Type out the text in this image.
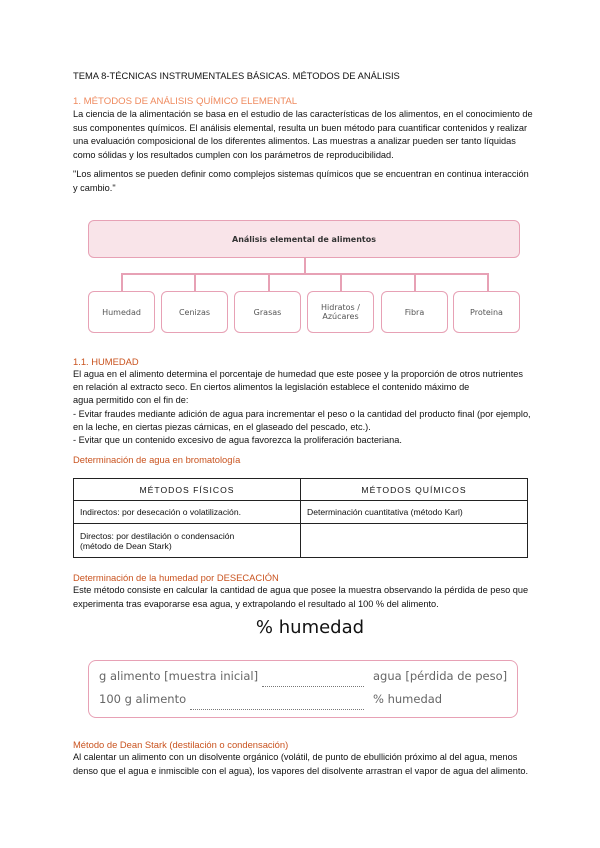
TEMA 8-TÉCNICAS INSTRUMENTALES BÁSICAS. MÉTODOS DE ANÁLISIS
1. MÉTODOS DE ANÁLISIS QUÍMICO ELEMENTAL
La ciencia de la alimentación se basa en el estudio de las características de los alimentos, en el conocimiento de sus componentes químicos. El análisis elemental, resulta un buen método para cuantificar contenidos y realizar una evaluación composicional de los diferentes alimentos. Las muestras a analizar pueden ser tanto líquidas como sólidas y los resultados cumplen con los parámetros de reproducibilidad.
"Los alimentos se pueden definir como complejos sistemas químicos que se encuentran en continua interacción y cambio."
Análisis elemental de alimentos
Humedad	Cenizas	Grasas	Hidratos / Azúcares	Fibra	Proteina
1.1. HUMEDAD
El agua en el alimento determina el porcentaje de humedad que este posee y la proporción de otros nutrientes
en relación al extracto seco. En ciertos alimentos la legislación establece el contenido máximo de
agua permitido con el fin de:
- Evitar fraudes mediante adición de agua para incrementar el peso o la cantidad del producto final (por ejemplo,
en la leche, en ciertas piezas cárnicas, en el glaseado del pescado, etc.).
- Evitar que un contenido excesivo de agua favorezca la proliferación bacteriana.
Determinación de agua en bromatología
MÉTODOS FÍSICOS	MÉTODOS QUÍMICOS
Indirectos: por desecación o volatilización.	Determinación cuantitativa (método Karl)
Directos: por destilación o condensación (método de Dean Stark)	
Determinación de la humedad por DESECACIÓN
Este método consiste en calcular la cantidad de agua que posee la muestra observando la pérdida de peso que experimenta tras evaporarse esa agua, y extrapolando el resultado al 100 % del alimento.
% humedad
g alimento [muestra inicial]	agua [pérdida de peso]
100 g alimento	% humedad
Método de Dean Stark (destilación o condensación)
Al calentar un alimento con un disolvente orgánico (volátil, de punto de ebullición próximo al del agua, menos denso que el agua e inmiscible con el agua), los vapores del disolvente arrastran el vapor de agua del alimento.
